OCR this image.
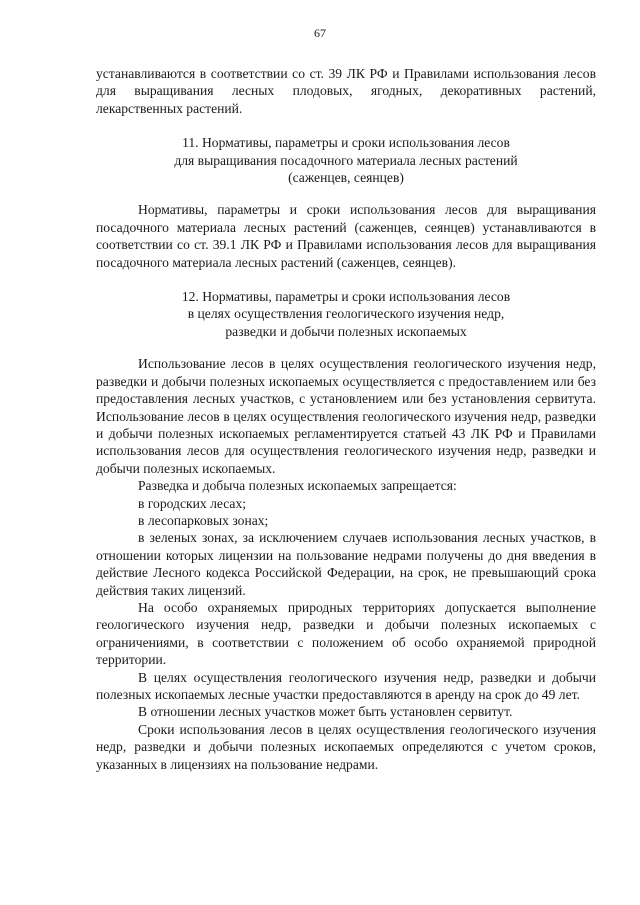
67

устанавливаются в соответствии со ст. 39 ЛК РФ и Правилами использования лесов для выращивания лесных плодовых, ягодных, декоративных растений, лекарственных растений.

11. Нормативы, параметры и сроки использования лесов
для выращивания посадочного материала лесных растений
(саженцев, сеянцев)

Нормативы, параметры и сроки использования лесов для выращивания посадочного материала лесных растений (саженцев, сеянцев) устанавливаются в соответствии со ст. 39.1 ЛК РФ и Правилами использования лесов для выращивания посадочного материала лесных растений (саженцев, сеянцев).

12. Нормативы, параметры и сроки использования лесов
в целях осуществления геологического изучения недр,
разведки и добычи полезных ископаемых

Использование лесов в целях осуществления геологического изучения недр, разведки и добычи полезных ископаемых осуществляется с предоставлением или без предоставления лесных участков, с установлением или без установления сервитута. Использование лесов в целях осуществления геологического изучения недр, разведки и добычи полезных ископаемых регламентируется статьей 43 ЛК РФ и Правилами использования лесов для осуществления геологического изучения недр, разведки и добычи полезных ископаемых.

Разведка и добыча полезных ископаемых запрещается:

в городских лесах;

в лесопарковых зонах;

в зеленых зонах, за исключением случаев использования лесных участков, в отношении которых лицензии на пользование недрами получены до дня введения в действие Лесного кодекса Российской Федерации, на срок, не превышающий срока действия таких лицензий.

На особо охраняемых природных территориях допускается выполнение геологического изучения недр, разведки и добычи полезных ископаемых с ограничениями, в соответствии с положением об особо охраняемой природной территории.

В целях осуществления геологического изучения недр, разведки и добычи полезных ископаемых лесные участки предоставляются в аренду на срок до 49 лет.

В отношении лесных участков может быть установлен сервитут.

Сроки использования лесов в целях осуществления геологического изучения недр, разведки и добычи полезных ископаемых определяются с учетом сроков, указанных в лицензиях на пользование недрами.
